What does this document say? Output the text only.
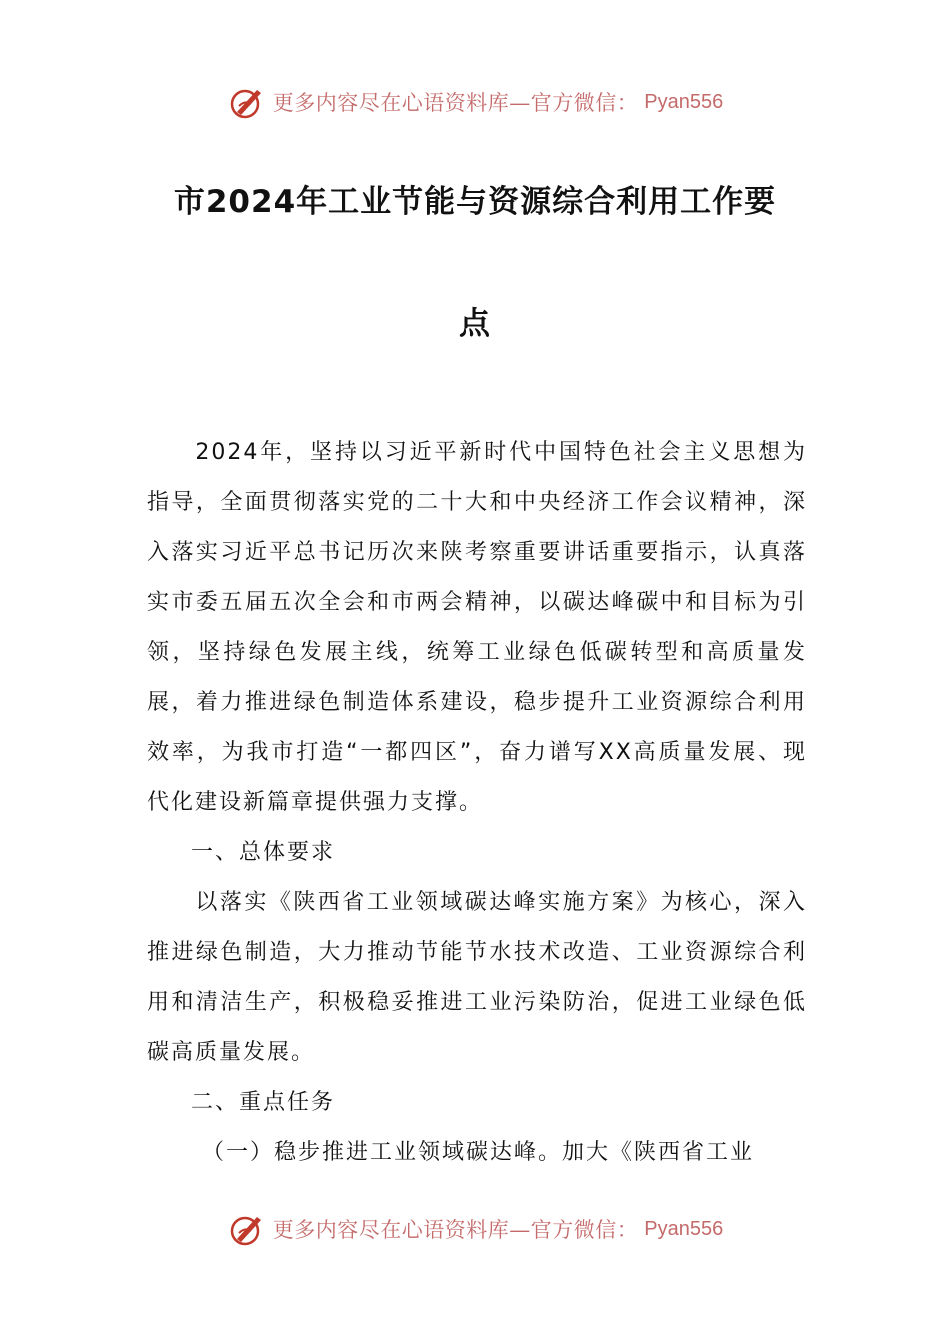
更多内容尽在心语资料库—官方微信： Pyan556
市2024年工业节能与资源综合利用工作要
点

2024年，坚持以习近平新时代中国特色社会主义思想为指导，全面贯彻落实党的二十大和中央经济工作会议精神，深入落实习近平总书记历次来陕考察重要讲话重要指示，认真落实市委五届五次全会和市两会精神，以碳达峰碳中和目标为引领，坚持绿色发展主线，统筹工业绿色低碳转型和高质量发展，着力推进绿色制造体系建设，稳步提升工业资源综合利用效率，为我市打造“一都四区”，奋力谱写XX高质量发展、现代化建设新篇章提供强力支撑。

一、总体要求

以落实《陕西省工业领域碳达峰实施方案》为核心，深入推进绿色制造，大力推动节能节水技术改造、工业资源综合利用和清洁生产，积极稳妥推进工业污染防治，促进工业绿色低碳高质量发展。

二、重点任务

（一）稳步推进工业领域碳达峰。加大《陕西省工业

更多内容尽在心语资料库—官方微信： Pyan556
